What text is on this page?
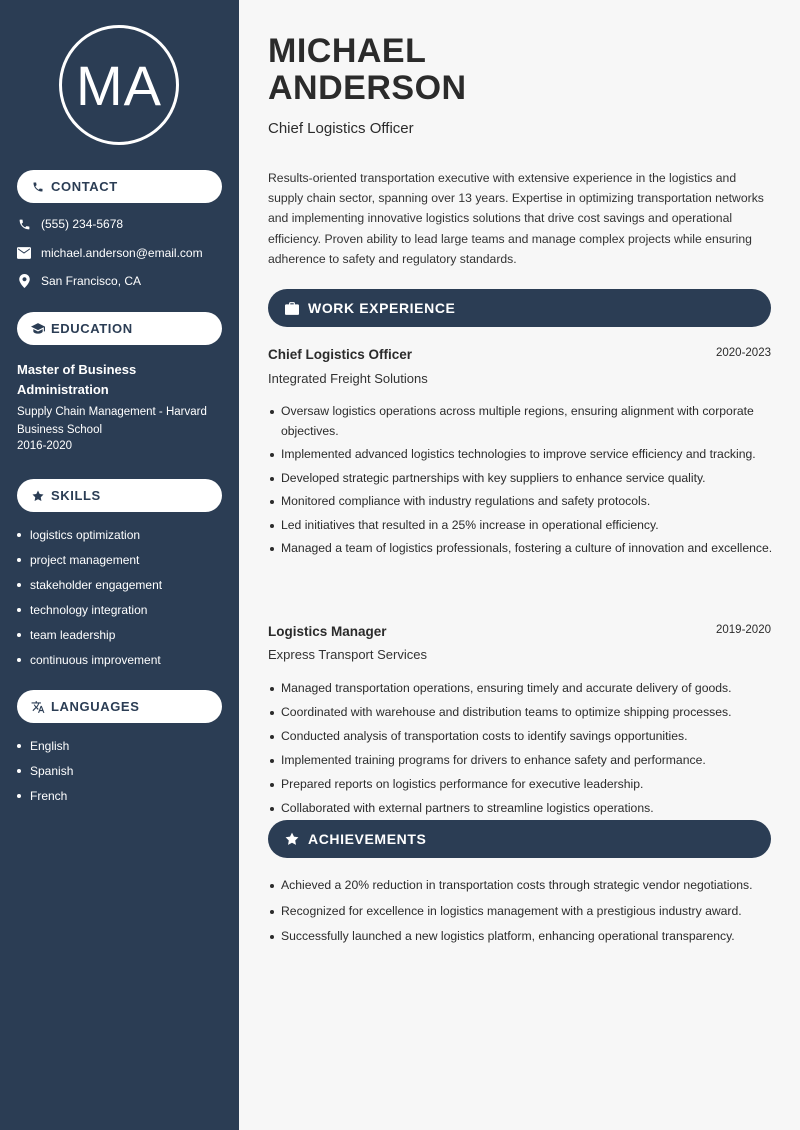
MA
CONTACT
(555) 234-5678
michael.anderson@email.com
San Francisco, CA
EDUCATION
Master of Business Administration
Supply Chain Management - Harvard Business School
2016-2020
SKILLS
logistics optimization
project management
stakeholder engagement
technology integration
team leadership
continuous improvement
LANGUAGES
English
Spanish
French
MICHAEL
ANDERSON
Chief Logistics Officer

Results-oriented transportation executive with extensive experience in the logistics and supply chain sector, spanning over 13 years. Expertise in optimizing transportation networks and implementing innovative logistics solutions that drive cost savings and operational efficiency. Proven ability to lead large teams and manage complex projects while ensuring adherence to safety and regulatory standards.

WORK EXPERIENCE
Chief Logistics Officer	2020-2023
Integrated Freight Solutions
Oversaw logistics operations across multiple regions, ensuring alignment with corporate objectives.
Implemented advanced logistics technologies to improve service efficiency and tracking.
Developed strategic partnerships with key suppliers to enhance service quality.
Monitored compliance with industry regulations and safety protocols.
Led initiatives that resulted in a 25% increase in operational efficiency.
Managed a team of logistics professionals, fostering a culture of innovation and excellence.
Logistics Manager	2019-2020
Express Transport Services
Managed transportation operations, ensuring timely and accurate delivery of goods.
Coordinated with warehouse and distribution teams to optimize shipping processes.
Conducted analysis of transportation costs to identify savings opportunities.
Implemented training programs for drivers to enhance safety and performance.
Prepared reports on logistics performance for executive leadership.
Collaborated with external partners to streamline logistics operations.
ACHIEVEMENTS
Achieved a 20% reduction in transportation costs through strategic vendor negotiations.
Recognized for excellence in logistics management with a prestigious industry award.
Successfully launched a new logistics platform, enhancing operational transparency.
